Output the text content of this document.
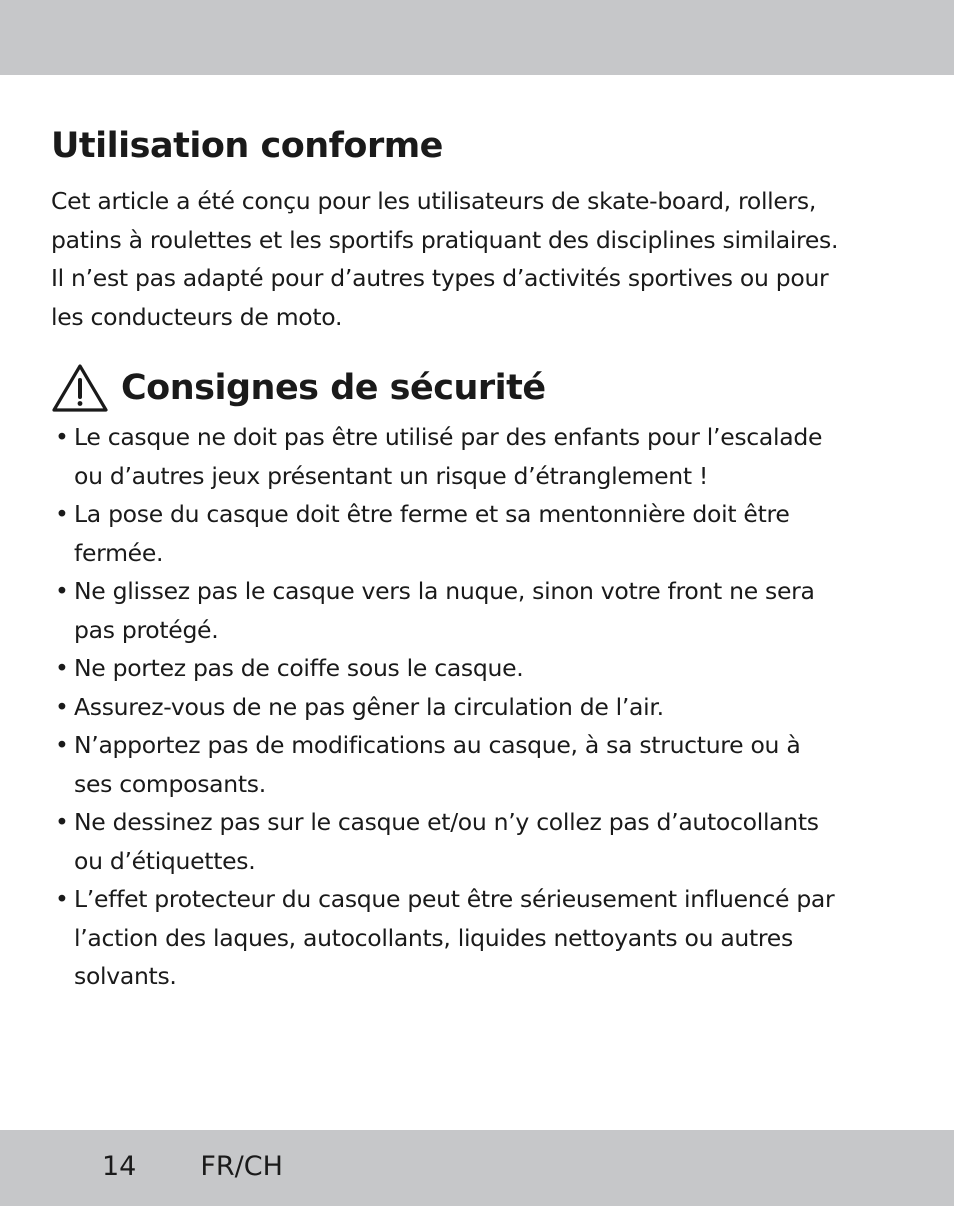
Utilisation conforme
Cet article a été conçu pour les utilisateurs de skate-board, rollers,
patins à roulettes et les sportifs pratiquant des disciplines similaires.
Il n’est pas adapté pour d’autres types d’activités sportives ou pour
les conducteurs de moto.
Consignes de sécurité
• Le casque ne doit pas être utilisé par des enfants pour l’escalade
ou d’autres jeux présentant un risque d’étranglement !
• La pose du casque doit être ferme et sa mentonnière doit être
fermée.
• Ne glissez pas le casque vers la nuque, sinon votre front ne sera
pas protégé.
• Ne portez pas de coiffe sous le casque.
• Assurez-vous de ne pas gêner la circulation de l’air.
• N’apportez pas de modifications au casque, à sa structure ou à
ses composants.
• Ne dessinez pas sur le casque et/ou n’y collez pas d’autocollants
ou d’étiquettes.
• L’effet protecteur du casque peut être sérieusement influencé par
l’action des laques, autocollants, liquides nettoyants ou autres
solvants.
14 FR/CH
